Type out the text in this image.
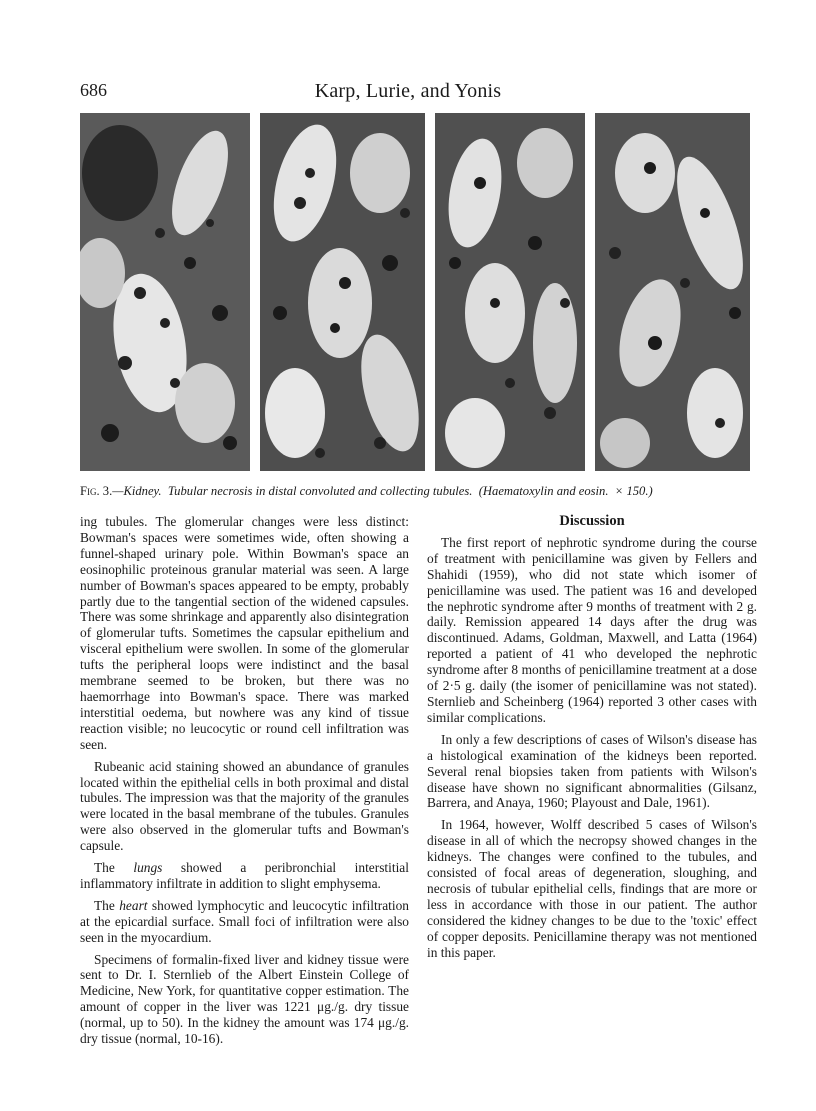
686	Karp, Lurie, and Yonis
Fig. 3.—Kidney. Tubular necrosis in distal convoluted and collecting tubules. (Haematoxylin and eosin. × 150.)

ing tubules. The glomerular changes were less distinct: Bowman's spaces were sometimes wide, often showing a funnel-shaped urinary pole. Within Bowman's space an eosinophilic proteinous granular material was seen. A large number of Bowman's spaces appeared to be empty, probably partly due to the tangential section of the widened capsules. There was some shrinkage and apparently also disintegration of glomerular tufts. Sometimes the capsular epithelium and visceral epithelium were swollen. In some of the glomerular tufts the peripheral loops were indistinct and the basal membrane seemed to be broken, but there was no haemorrhage into Bowman's space. There was marked interstitial oedema, but nowhere was any kind of tissue reaction visible; no leucocytic or round cell infiltration was seen.

Rubeanic acid staining showed an abundance of granules located within the epithelial cells in both proximal and distal tubules. The impression was that the majority of the granules were located in the basal membrane of the tubules. Granules were also observed in the glomerular tufts and Bowman's capsule.

The lungs showed a peribronchial interstitial inflammatory infiltrate in addition to slight emphysema.

The heart showed lymphocytic and leucocytic infiltration at the epicardial surface. Small foci of infiltration were also seen in the myocardium.

Specimens of formalin-fixed liver and kidney tissue were sent to Dr. I. Sternlieb of the Albert Einstein College of Medicine, New York, for quantitative copper estimation. The amount of copper in the liver was 1221 μg./g. dry tissue (normal, up to 50). In the kidney the amount was 174 μg./g. dry tissue (normal, 10-16).

Discussion

The first report of nephrotic syndrome during the course of treatment with penicillamine was given by Fellers and Shahidi (1959), who did not state which isomer of penicillamine was used. The patient was 16 and developed the nephrotic syndrome after 9 months of treatment with 2 g. daily. Remission appeared 14 days after the drug was discontinued. Adams, Goldman, Maxwell, and Latta (1964) reported a patient of 41 who developed the nephrotic syndrome after 8 months of penicillamine treatment at a dose of 2·5 g. daily (the isomer of penicillamine was not stated). Sternlieb and Scheinberg (1964) reported 3 other cases with similar complications.

In only a few descriptions of cases of Wilson's disease has a histological examination of the kidneys been reported. Several renal biopsies taken from patients with Wilson's disease have shown no significant abnormalities (Gilsanz, Barrera, and Anaya, 1960; Playoust and Dale, 1961).

In 1964, however, Wolff described 5 cases of Wilson's disease in all of which the necropsy showed changes in the kidneys. The changes were confined to the tubules, and consisted of focal areas of degeneration, sloughing, and necrosis of tubular epithelial cells, findings that are more or less in accordance with those in our patient. The author considered the kidney changes to be due to the 'toxic' effect of copper deposits. Penicillamine therapy was not mentioned in this paper.
